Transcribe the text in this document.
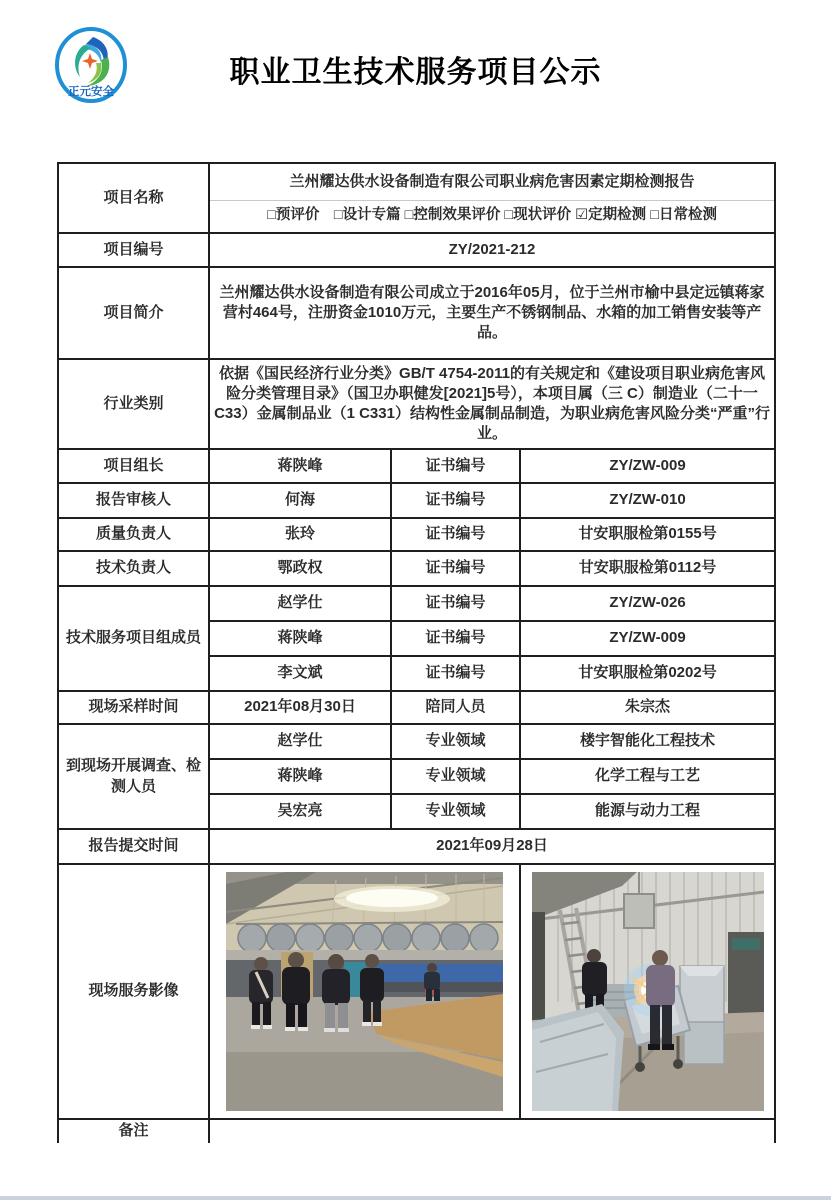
正元安全
职业卫生技术服务项目公示
项目名称	兰州耀达供水设备制造有限公司职业病危害因素定期检测报告		
	□预评价　□设计专篇 □控制效果评价 □现状评价 ☑定期检测 □日常检测		
项目编号	ZY/2021-212		
项目简介	兰州耀达供水设备制造有限公司成立于2016年05月，位于兰州市榆中县定远镇蒋家营村464号，注册资金1010万元，主要生产不锈钢制品、水箱的加工销售安装等产品。		
行业类别	依据《国民经济行业分类》GB/T 4754-2011的有关规定和《建设项目职业病危害风险分类管理目录》（国卫办职健发[2021]5号），本项目属（三 C）制造业（二十一 C33）金属制品业（1 C331）结构性金属制品制造，为职业病危害风险分类“严重”行业。		
项目组长	蒋陕峰	证书编号	ZY/ZW-009
报告审核人	何海	证书编号	ZY/ZW-010
质量负责人	张玲	证书编号	甘安职服检第0155号
技术负责人	鄂政权	证书编号	甘安职服检第0112号
技术服务项目组成员	赵学仕	证书编号	ZY/ZW-026
	蒋陕峰	证书编号	ZY/ZW-009
	李文斌	证书编号	甘安职服检第0202号
现场采样时间	2021年08月30日	陪同人员	朱宗杰
到现场开展调查、检测人员	赵学仕	专业领域	楼宇智能化工程技术
	蒋陕峰	专业领域	化学工程与工艺
	吴宏亮	专业领域	能源与动力工程
报告提交时间	2021年09月28日		
现场服务影像	

备注			
